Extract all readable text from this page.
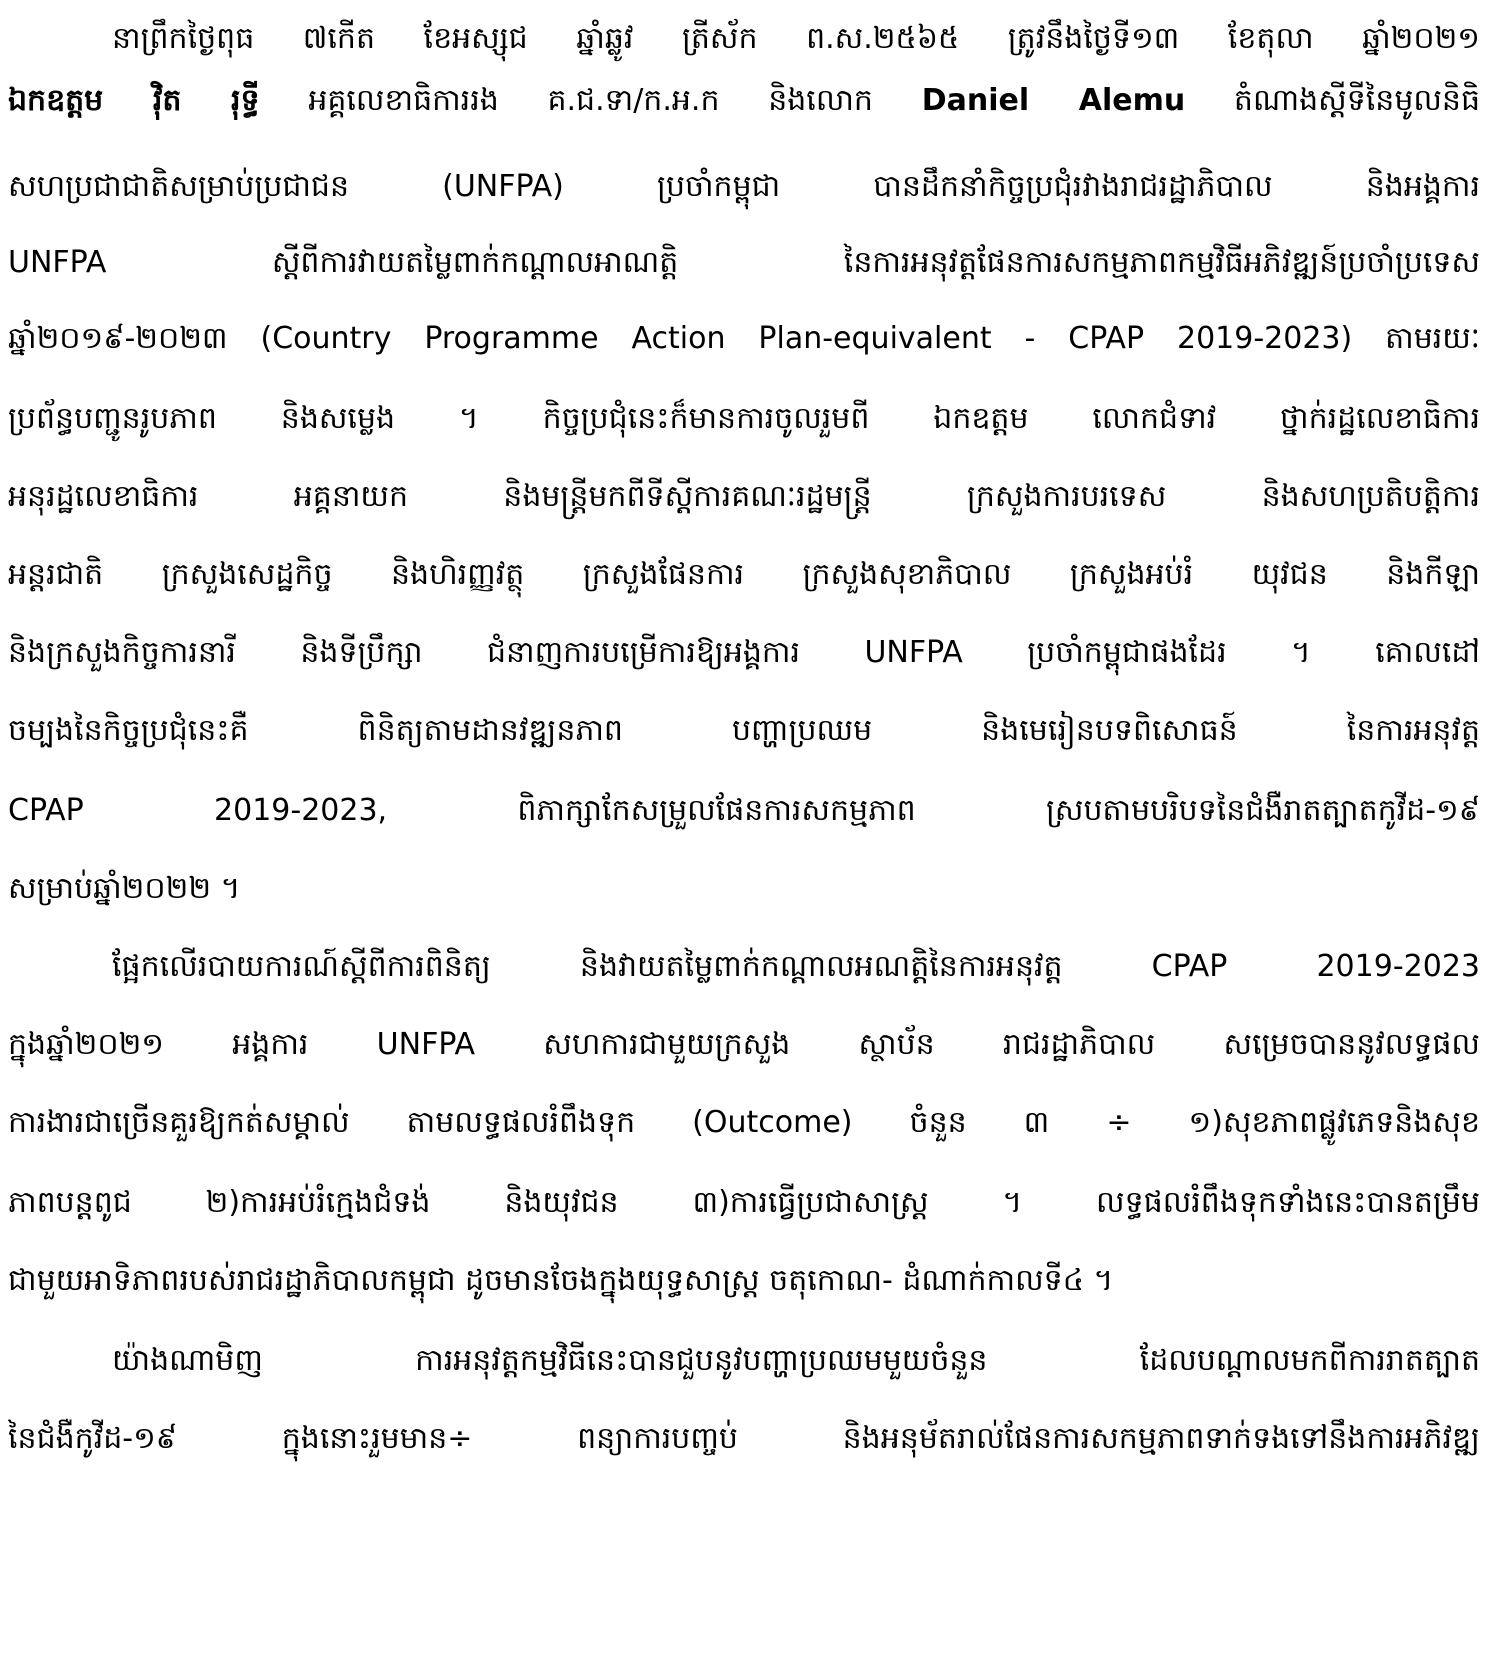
នាព្រឹកថ្ងៃពុធ ៧កើត ខែអស្សុជ ឆ្នាំឆ្លូវ ត្រីស័ក ព.ស.២៥៦៥ ត្រូវនឹងថ្ងៃទី១៣ ខែតុលា ឆ្នាំ២០២១
ឯកឧត្តម វ៉ិត រុទ្ធី អគ្គលេខាធិការរង គ.ជ.ទា/ក.អ.ក និងលោក Daniel Alemu តំណាងស្តីទីនៃមូលនិធិ
សហប្រជាជាតិសម្រាប់ប្រជាជន (UNFPA) ប្រចាំកម្ពុជា បានដឹកនាំកិច្ចប្រជុំរវាងរាជរដ្ឋាភិបាល និងអង្គការ
UNFPA ស្តីពីការវាយតម្លៃពាក់កណ្តាលអាណត្តិ នៃការអនុវត្តផែនការសកម្មភាពកម្មវិធីអភិវឌ្ឍន៍ប្រចាំប្រទេស
ឆ្នាំ២០១៩-២០២៣ (Country Programme Action Plan-equivalent - CPAP 2019-2023) តាមរយៈ
ប្រព័ន្ធបញ្ជូនរូបភាព និងសម្លេង ។ កិច្ចប្រជុំនេះក៏មានការចូលរួមពី ឯកឧត្តម លោកជំទាវ ថ្នាក់រដ្ឋលេខាធិការ
អនុរដ្ឋលេខាធិការ អគ្គនាយក និងមន្ត្រីមកពីទីស្តីការគណៈរដ្ឋមន្ត្រី ក្រសួងការបរទេស និងសហប្រតិបត្តិការ
អន្តរជាតិ ក្រសួងសេដ្ឋកិច្ច និងហិរញ្ញវត្ថុ ក្រសួងផែនការ ក្រសួងសុខាភិបាល ក្រសួងអប់រំ យុវជន និងកីឡា
និងក្រសួងកិច្ចការនារី និងទីប្រឹក្សា ជំនាញការបម្រើការឱ្យអង្គការ UNFPA ប្រចាំកម្ពុជាផងដែរ ។ គោលដៅ
ចម្បងនៃកិច្ចប្រជុំនេះគឺ ពិនិត្យតាមដានវឌ្ឍនភាព បញ្ហាប្រឈម និងមេរៀនបទពិសោធន៍ នៃការអនុវត្ត
CPAP 2019-2023, ពិភាក្សាកែសម្រួលផែនការសកម្មភាព ស្របតាមបរិបទនៃជំងឺរាតត្បាតកូវីដ-១៩
សម្រាប់ឆ្នាំ២០២២ ។
ផ្អែកលើរបាយការណ៍ស្តីពីការពិនិត្យ និងវាយតម្លៃពាក់កណ្តាលអណត្តិនៃការអនុវត្ត CPAP 2019-2023
ក្នុងឆ្នាំ២០២១ អង្គការ UNFPA សហការជាមួយក្រសួង ស្ថាប័ន រាជរដ្ឋាភិបាល សម្រេចបាននូវលទ្ធផល
ការងារជាច្រើនគួរឱ្យកត់សម្គាល់ តាមលទ្ធផលរំពឹងទុក (Outcome) ចំនួន ៣ ÷ ១)សុខភាពផ្លូវភេទនិងសុខ
ភាពបន្តពូជ ២)ការអប់រំក្មេងជំទង់ និងយុវជន ៣)ការធ្វើប្រជាសាស្ត្រ ។ លទ្ធផលរំពឹងទុកទាំងនេះបានតម្រឹម
ជាមួយអាទិភាពរបស់រាជរដ្ឋាភិបាលកម្ពុជា ដូចមានចែងក្នុងយុទ្ធសាស្ត្រ ចតុកោណ- ដំណាក់កាលទី៤ ។
យ៉ាងណាមិញ ការអនុវត្តកម្មវិធីនេះបានជួបនូវបញ្ហាប្រឈមមួយចំនួន ដែលបណ្តាលមកពីការរាតត្បាត
នៃជំងឺកូវីដ-១៩ ក្នុងនោះរួមមាន÷ ពន្យាការបញ្ចប់ និងអនុម័តរាល់ផែនការសកម្មភាពទាក់ទងទៅនឹងការអភិវឌ្ឍ
